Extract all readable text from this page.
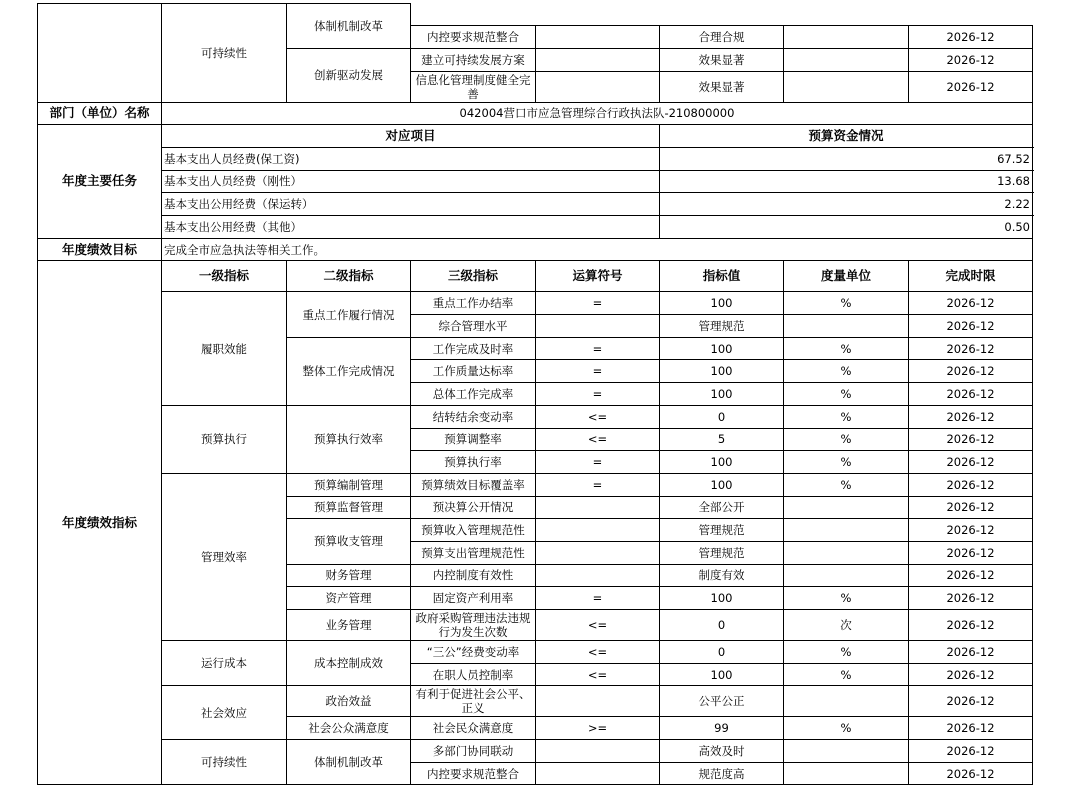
	可持续性	体制机制改革					
			内控要求规范整合		合理合规		2026-12
		创新驱动发展	建立可持续发展方案		效果显著		2026-12
			信息化管理制度健全完善		效果显著		2026-12
部门（单位）名称	042004营口市应急管理综合行政执法队-210800000						
年度主要任务	对应项目				预算资金情况		
	基本支出人员经费(保工资)				67.52		
	基本支出人员经费（刚性）				13.68		
	基本支出公用经费（保运转）				2.22		
	基本支出公用经费（其他）				0.50		
年度绩效目标	完成全市应急执法等相关工作。						
年度绩效指标	一级指标	二级指标	三级指标	运算符号	指标值	度量单位	完成时限
	履职效能	重点工作履行情况	重点工作办结率	=	100	%	2026-12
			综合管理水平		管理规范		2026-12
		整体工作完成情况	工作完成及时率	=	100	%	2026-12
			工作质量达标率	=	100	%	2026-12
			总体工作完成率	=	100	%	2026-12
	预算执行	预算执行效率	结转结余变动率	<=	0	%	2026-12
			预算调整率	<=	5	%	2026-12
			预算执行率	=	100	%	2026-12
	管理效率	预算编制管理	预算绩效目标覆盖率	=	100	%	2026-12
		预算监督管理	预决算公开情况		全部公开		2026-12
		预算收支管理	预算收入管理规范性		管理规范		2026-12
			预算支出管理规范性		管理规范		2026-12
		财务管理	内控制度有效性		制度有效		2026-12
		资产管理	固定资产利用率	=	100	%	2026-12
		业务管理	政府采购管理违法违规行为发生次数	<=	0	次	2026-12
	运行成本	成本控制成效	“三公”经费变动率	<=	0	%	2026-12
			在职人员控制率	<=	100	%	2026-12
	社会效应	政治效益	有利于促进社会公平、正义		公平公正		2026-12
		社会公众满意度	社会民众满意度	>=	99	%	2026-12
	可持续性	体制机制改革	多部门协同联动		高效及时		2026-12
			内控要求规范整合		规范度高		2026-12
